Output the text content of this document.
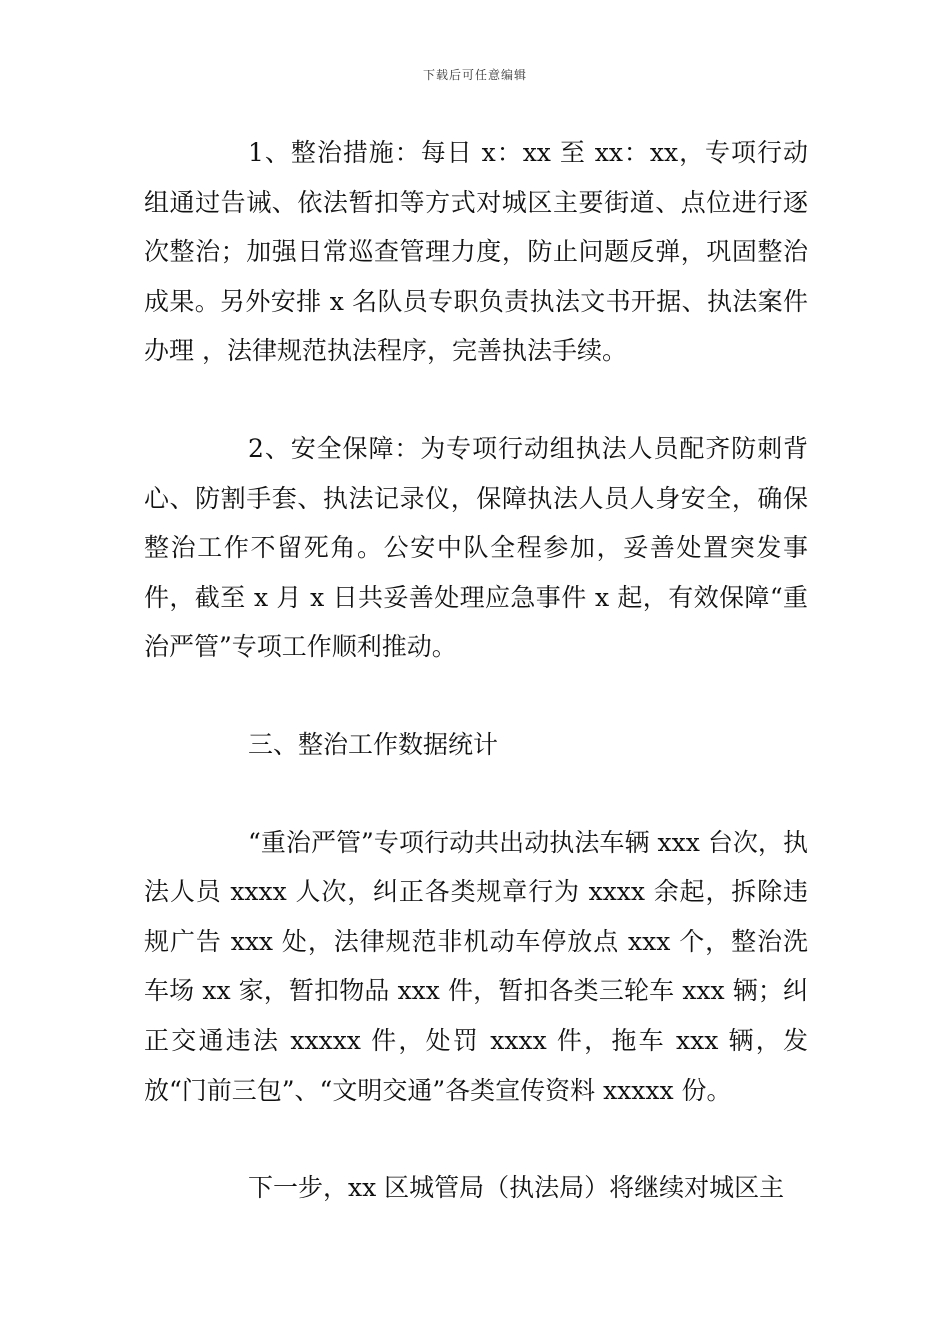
下载后可任意编辑

1、整治措施：每日 x：xx 至 xx：xx，专项行动组通过告诫、依法暂扣等方式对城区主要街道、点位进行逐次整治；加强日常巡查管理力度，防止问题反弹，巩固整治成果。另外安排 x 名队员专职负责执法文书开据、执法案件办理 ，法律规范执法程序，完善执法手续。

2、安全保障：为专项行动组执法人员配齐防刺背心、防割手套、执法记录仪，保障执法人员人身安全，确保整治工作不留死角。公安中队全程参加，妥善处置突发事件，截至 x 月 x 日共妥善处理应急事件 x 起，有效保障“重治严管”专项工作顺利推动。

三、整治工作数据统计

“重治严管”专项行动共出动执法车辆 xxx 台次，执法人员 xxxx 人次，纠正各类规章行为 xxxx 余起，拆除违规广告 xxx 处，法律规范非机动车停放点 xxx 个，整治洗车场 xx 家，暂扣物品 xxx 件，暂扣各类三轮车 xxx 辆；纠正交通违法 xxxxx 件，处罚 xxxx 件，拖车 xxx 辆，发放“门前三包”、“文明交通”各类宣传资料 xxxxx 份。

下一步，xx 区城管局（执法局）将继续对城区主
